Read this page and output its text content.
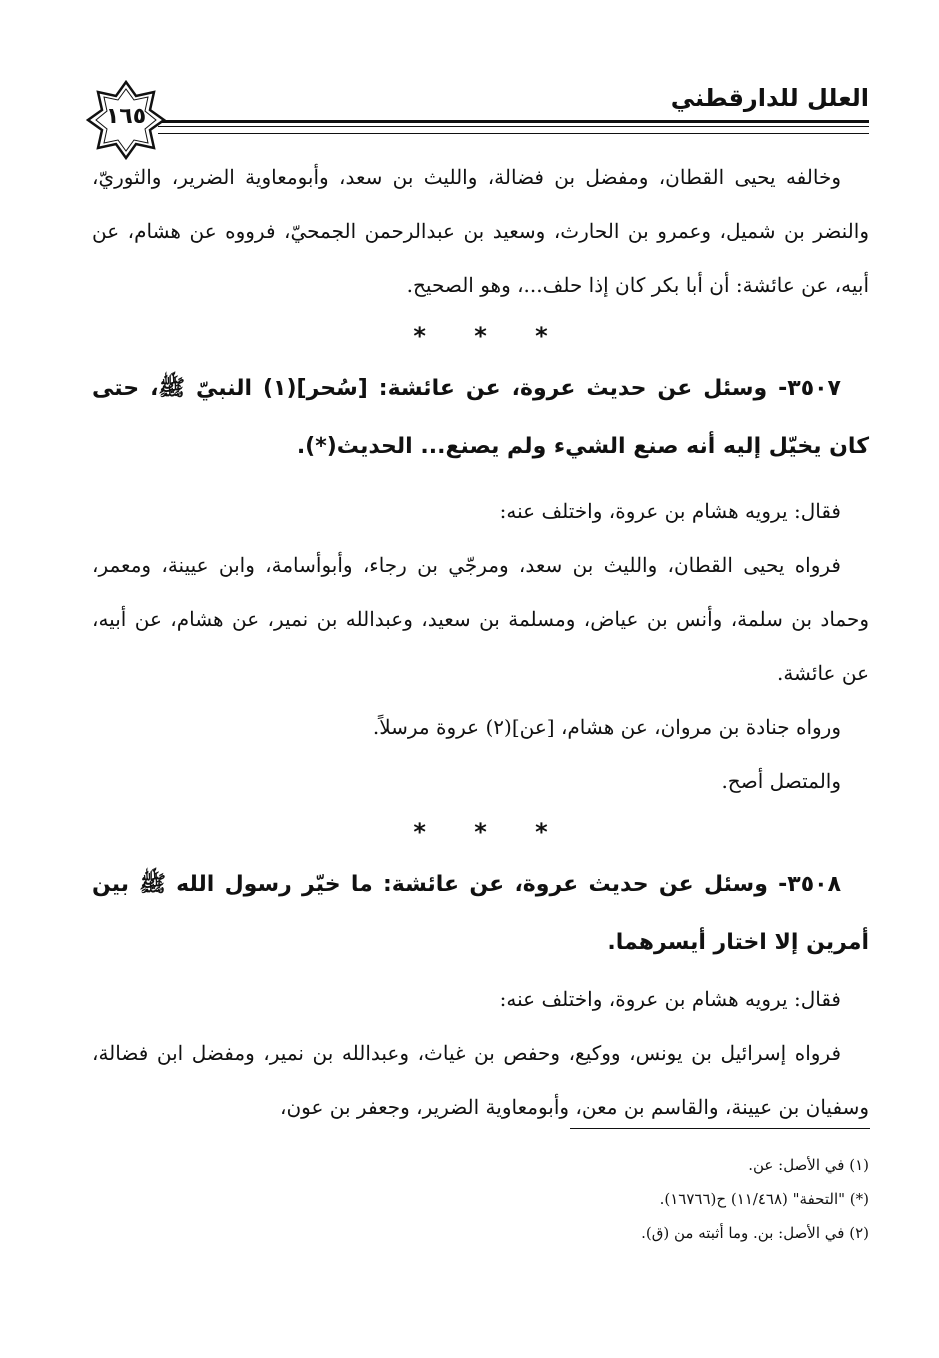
العلل للدارقطني
١٦٥

وخالفه يحيى القطان، ومفضل بن فضالة، والليث بن سعد، وأبومعاوية الضرير، والثوريّ، والنضر بن شميل، وعمرو بن الحارث، وسعيد بن عبدالرحمن الجمحيّ، فرووه عن هشام، عن أبيه، عن عائشة: أن أبا بكر كان إذا حلف...، وهو الصحيح.

* * *

٣٥٠٧- وسئل عن حديث عروة، عن عائشة: [سُحر](١) النبيّ ﷺ، حتى كان يخيّل إليه أنه صنع الشيء ولم يصنع... الحديث(*).

فقال: يرويه هشام بن عروة، واختلف عنه:

فرواه يحيى القطان، والليث بن سعد، ومرجّي بن رجاء، وأبوأسامة، وابن عيينة، ومعمر، وحماد بن سلمة، وأنس بن عياض، ومسلمة بن سعيد، وعبدالله بن نمير، عن هشام، عن أبيه، عن عائشة.

ورواه جنادة بن مروان، عن هشام، [عن](٢) عروة مرسلاً.

والمتصل أصح.

* * *

٣٥٠٨- وسئل عن حديث عروة، عن عائشة: ما خيّر رسول الله ﷺ بين أمرين إلا اختار أيسرهما.

فقال: يرويه هشام بن عروة، واختلف عنه:

فرواه إسرائيل بن يونس، ووكيع، وحفص بن غياث، وعبدالله بن نمير، ومفضل ابن فضالة، وسفيان بن عيينة، والقاسم بن معن، وأبومعاوية الضرير، وجعفر بن عون،

(١) في الأصل: عن.

(*) "التحفة" (١١/٤٦٨) ح(١٦٧٦٦).

(٢) في الأصل: بن. وما أثبته من (ق).
